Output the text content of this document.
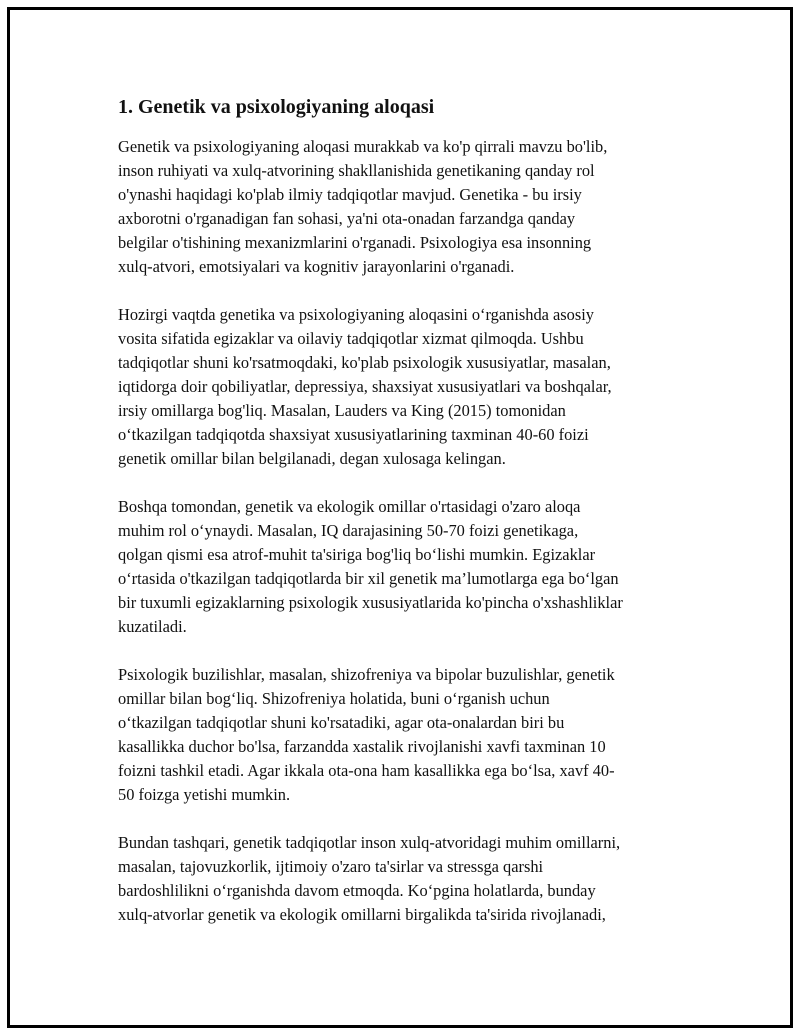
1. Genetik va psixologiyaning aloqasi
Genetik va psixologiyaning aloqasi murakkab va ko'p qirrali mavzu bo'lib,
inson ruhiyati va xulq-atvorining shakllanishida genetikaning qanday rol
o'ynashi haqidagi ko'plab ilmiy tadqiqotlar mavjud. Genetika - bu irsiy
axborotni o'rganadigan fan sohasi, ya'ni ota-onadan farzandga qanday
belgilar o'tishining mexanizmlarini o'rganadi. Psixologiya esa insonning
xulq-atvori, emotsiyalari va kognitiv jarayonlarini o'rganadi.
Hozirgi vaqtda genetika va psixologiyaning aloqasini o‘rganishda asosiy
vosita sifatida egizaklar va oilaviy tadqiqotlar xizmat qilmoqda. Ushbu
tadqiqotlar shuni ko'rsatmoqdaki, ko'plab psixologik xususiyatlar, masalan,
iqtidorga doir qobiliyatlar, depressiya, shaxsiyat xususiyatlari va boshqalar,
irsiy omillarga bog'liq. Masalan, Lauders va King (2015) tomonidan
o‘tkazilgan tadqiqotda shaxsiyat xususiyatlarining taxminan 40-60 foizi
genetik omillar bilan belgilanadi, degan xulosaga kelingan.
Boshqa tomondan, genetik va ekologik omillar o'rtasidagi o'zaro aloqa
muhim rol o‘ynaydi. Masalan, IQ darajasining 50-70 foizi genetikaga,
qolgan qismi esa atrof-muhit ta'siriga bog'liq bo‘lishi mumkin. Egizaklar
o‘rtasida o'tkazilgan tadqiqotlarda bir xil genetik ma’lumotlarga ega bo‘lgan
bir tuxumli egizaklarning psixologik xususiyatlarida ko'pincha o'xshashliklar
kuzatiladi.
Psixologik buzilishlar, masalan, shizofreniya va bipolar buzulishlar, genetik
omillar bilan bog‘liq. Shizofreniya holatida, buni o‘rganish uchun
o‘tkazilgan tadqiqotlar shuni ko'rsatadiki, agar ota-onalardan biri bu
kasallikka duchor bo'lsa, farzandda xastalik rivojlanishi xavfi taxminan 10
foizni tashkil etadi. Agar ikkala ota-ona ham kasallikka ega bo‘lsa, xavf 40-
50 foizga yetishi mumkin.
Bundan tashqari, genetik tadqiqotlar inson xulq-atvoridagi muhim omillarni,
masalan, tajovuzkorlik, ijtimoiy o'zaro ta'sirlar va stressga qarshi
bardoshlilikni o‘rganishda davom etmoqda. Ko‘pgina holatlarda, bunday
xulq-atvorlar genetik va ekologik omillarni birgalikda ta'sirida rivojlanadi,
